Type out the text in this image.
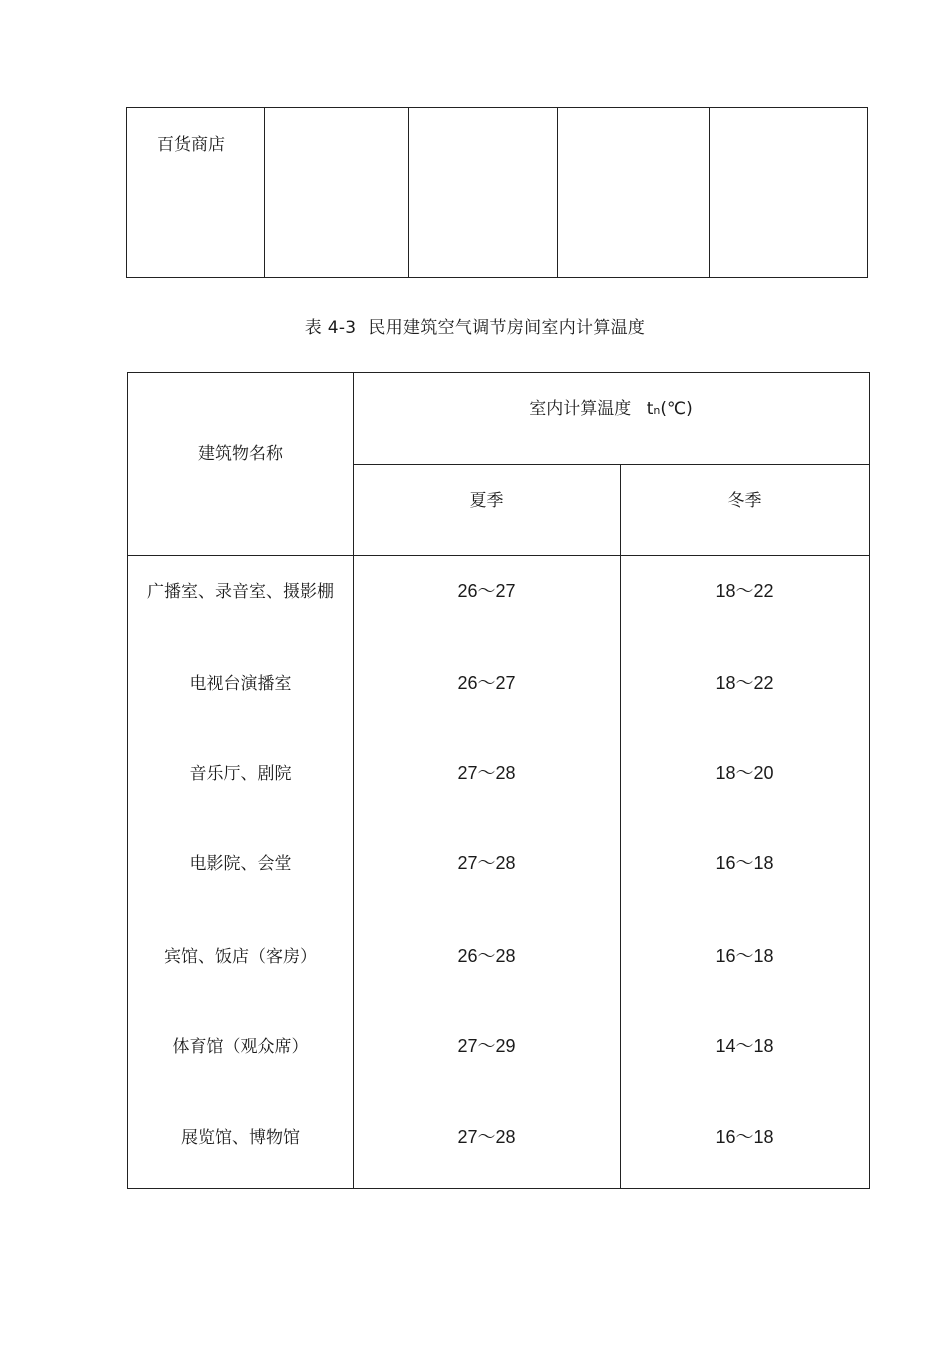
百货商店
表 4-3 民用建筑空气调节房间室内计算温度
建筑物名称
室内计算温度 tn(℃)
夏季	冬季
广播室、录音室、摄影棚	26～27	18～22
电视台演播室	26～27	18～22
音乐厅、剧院	27～28	18～20
电影院、会堂	27～28	16～18
宾馆、饭店（客房）	26～28	16～18
体育馆（观众席）	27～29	14～18
展览馆、博物馆	27～28	16～18
